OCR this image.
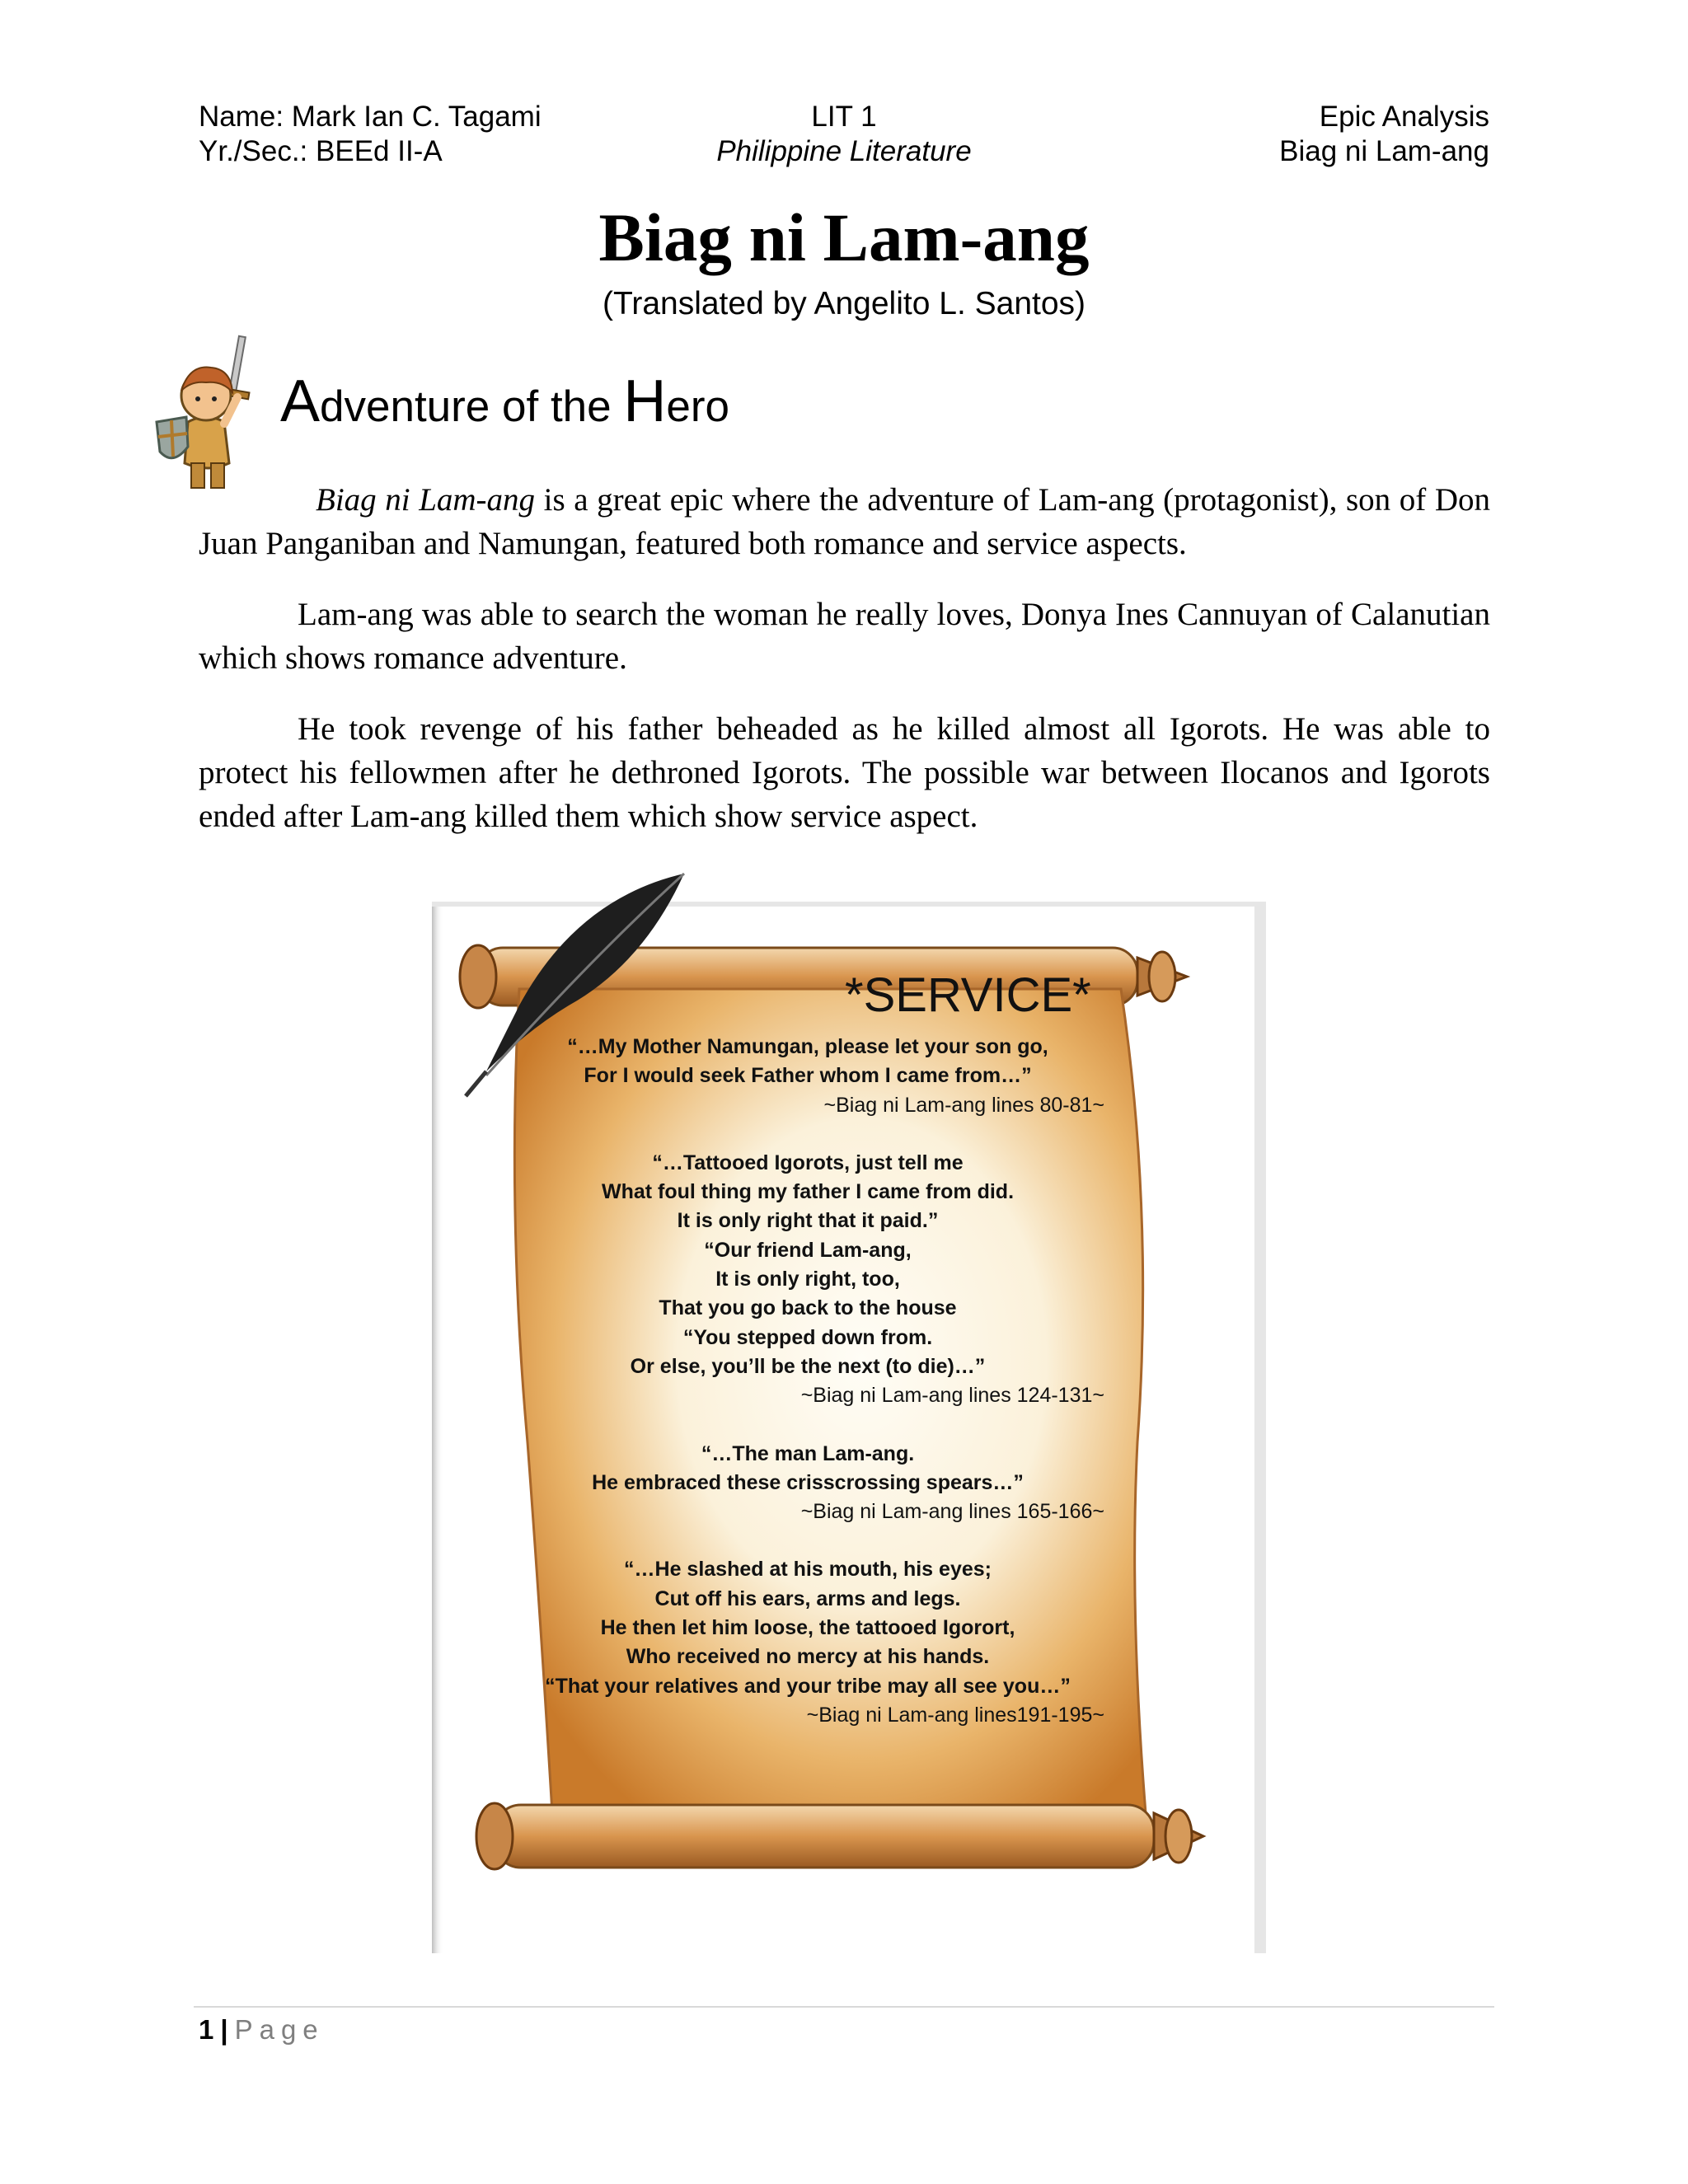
Name: Mark Ian C. Tagami
Yr./Sec.: BEEd II-A
LIT 1
Philippine Literature
Epic Analysis
Biag ni Lam-ang
Biag ni Lam-ang
(Translated by Angelito L. Santos)
Adventure of the Hero
Biag ni Lam-ang is a great epic where the adventure of Lam-ang (protagonist), son of Don Juan Panganiban and Namungan, featured both romance and service aspects.
Lam-ang was able to search the woman he really loves, Donya Ines Cannuyan of Calanutian which shows romance adventure.
He took revenge of his father beheaded as he killed almost all Igorots. He was able to protect his fellowmen after he dethroned Igorots. The possible war between Ilocanos and Igorots ended after Lam-ang killed them which show service aspect.
*SERVICE*
“…My Mother Namungan, please let your son go,
For I would seek Father whom I came from…”
~Biag ni Lam-ang lines 80-81~
“…Tattooed Igorots, just tell me
What foul thing my father I came from did.
It is only right that it paid.”
“Our friend Lam-ang,
It is only right, too,
That you go back to the house
“You stepped down from.
Or else, you’ll be the next (to die)…”
~Biag ni Lam-ang lines 124-131~
“…The man Lam-ang.
He embraced these crisscrossing spears…”
~Biag ni Lam-ang lines 165-166~
“…He slashed at his mouth, his eyes;
Cut off his ears, arms and legs.
He then let him loose, the tattooed Igorort,
Who received no mercy at his hands.
“That your relatives and your tribe may all see you…”
~Biag ni Lam-ang lines191-195~
1 | Page
